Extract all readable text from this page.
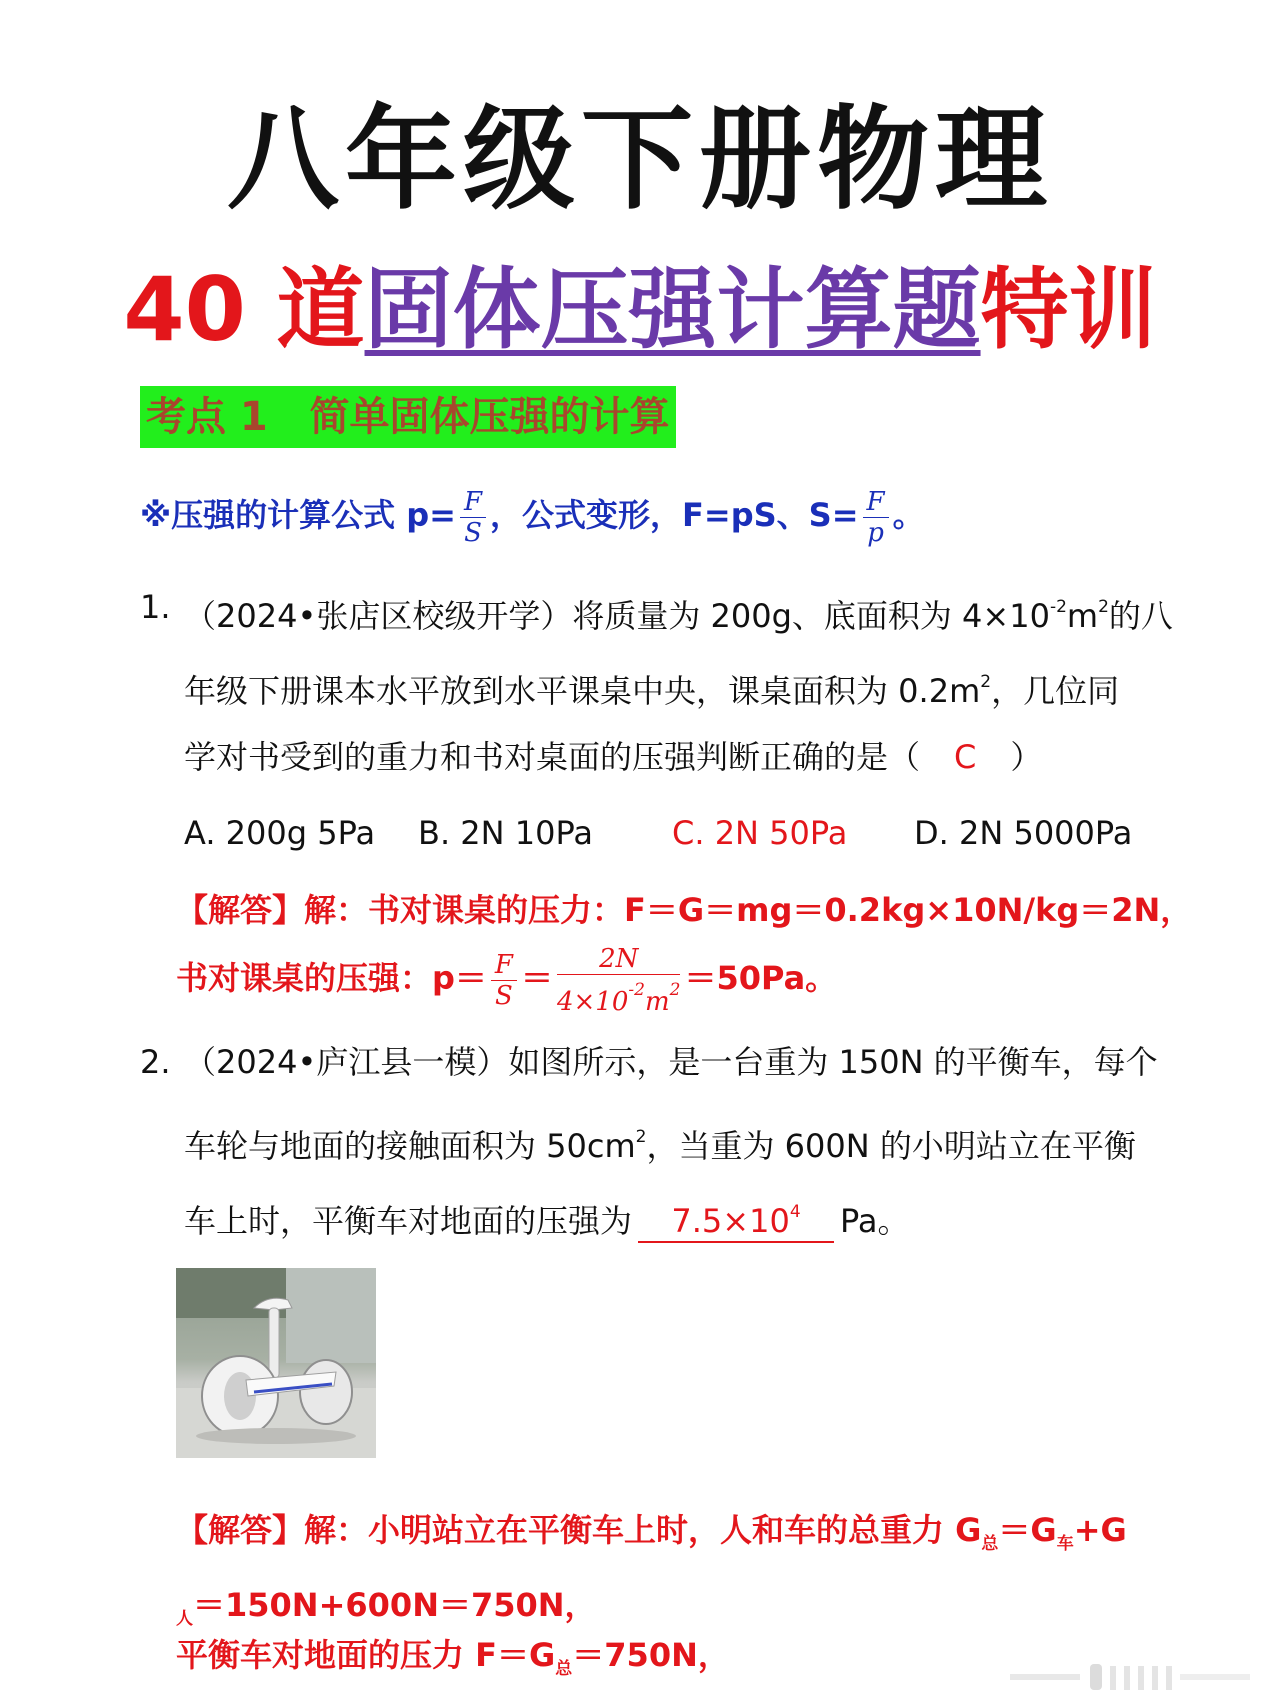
八年级下册物理
40 道固体压强计算题特训
考点 1   简单固体压强的计算
※压强的计算公式 $p= \frac{F}{S}$ ，公式变形，F=pS、$S= \frac{F}{p}$ 。
1. （2024•张店区校级开学）将质量为 200g、底面积为 $4\times 10^{-2}m^2$的八
年级下册课本水平放到水平课桌中央，课桌面积为 $0.2m^2$，几位同
学对书受到的重力和书对桌面的压强判断正确的是（ C ）
A. 200g 5Pa B. 2N 10Pa C. 2N 50Pa D. 2N 5000Pa
【解答】解：书对课桌的压力：F＝G＝mg＝0.2kg×10N/kg＝2N，
书对课桌的压强：$p= \frac{F}{S} = \frac{2N}{4\times 10^{-2}m^2} =50Pa$。
2. （2024•庐江县一模）如图所示，是一台重为 150N 的平衡车，每个
车轮与地面的接触面积为 $50cm^2$，当重为 600N 的小明站立在平衡
车上时，平衡车对地面的压强为 $7.5\times 10^4$ Pa。
【解答】解：小明站立在平衡车上时，人和车的总重力 $G_总=G_车+G$
$_人$＝150N+600N＝750N，
平衡车对地面的压力 $F=G_总=750N$，
